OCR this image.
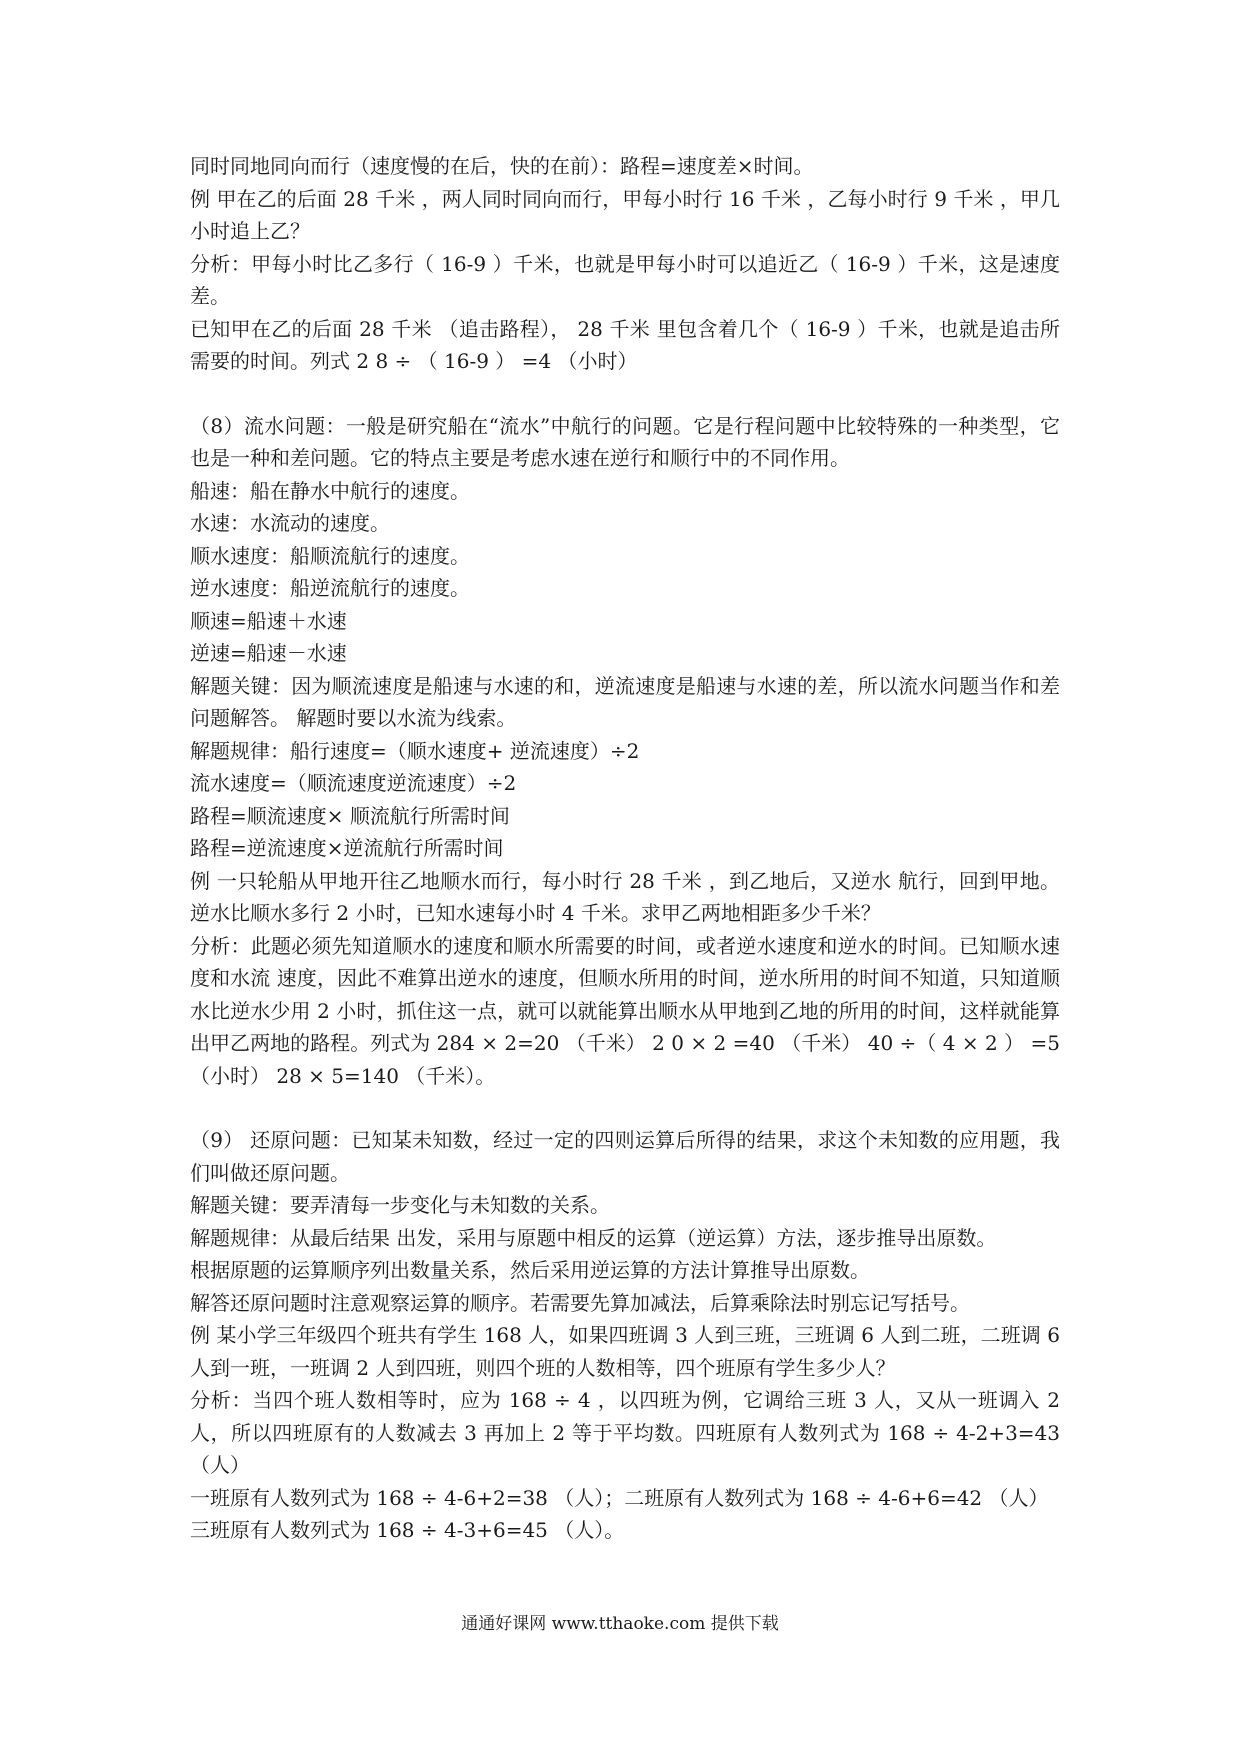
同时同地同向而行（速度慢的在后，快的在前）：路程=速度差×时间。

例 甲在乙的后面 28 千米 ，两人同时同向而行，甲每小时行 16 千米 ，乙每小时行 9 千米 ，甲几小时追上乙？

分析：甲每小时比乙多行（ 16-9 ）千米，也就是甲每小时可以追近乙（ 16-9 ）千米，这是速度差。

已知甲在乙的后面 28 千米 （追击路程）， 28 千米 里包含着几个（ 16-9 ）千米，也就是追击所需要的时间。列式 2 8 ÷ （ 16-9 ） =4 （小时）

（8）流水问题：一般是研究船在“流水”中航行的问题。它是行程问题中比较特殊的一种类型，它也是一种和差问题。它的特点主要是考虑水速在逆行和顺行中的不同作用。

船速：船在静水中航行的速度。

水速：水流动的速度。

顺水速度：船顺流航行的速度。

逆水速度：船逆流航行的速度。

顺速=船速＋水速

逆速=船速－水速

解题关键：因为顺流速度是船速与水速的和，逆流速度是船速与水速的差，所以流水问题当作和差问题解答。 解题时要以水流为线索。

解题规律：船行速度=（顺水速度+ 逆流速度）÷2

流水速度=（顺流速度逆流速度）÷2

路程=顺流速度× 顺流航行所需时间

路程=逆流速度×逆流航行所需时间

例 一只轮船从甲地开往乙地顺水而行，每小时行 28 千米 ，到乙地后，又逆水 航行，回到甲地。逆水比顺水多行 2 小时，已知水速每小时 4 千米。求甲乙两地相距多少千米？

分析：此题必须先知道顺水的速度和顺水所需要的时间，或者逆水速度和逆水的时间。已知顺水速度和水流 速度，因此不难算出逆水的速度，但顺水所用的时间，逆水所用的时间不知道，只知道顺水比逆水少用 2 小时，抓住这一点，就可以就能算出顺水从甲地到乙地的所用的时间，这样就能算出甲乙两地的路程。列式为 284 × 2=20 （千米） 2 0 × 2 =40 （千米） 40 ÷（ 4 × 2 ） =5 （小时） 28 × 5=140 （千米）。

（9） 还原问题：已知某未知数，经过一定的四则运算后所得的结果，求这个未知数的应用题，我们叫做还原问题。

解题关键：要弄清每一步变化与未知数的关系。

解题规律：从最后结果 出发，采用与原题中相反的运算（逆运算）方法，逐步推导出原数。

根据原题的运算顺序列出数量关系，然后采用逆运算的方法计算推导出原数。

解答还原问题时注意观察运算的顺序。若需要先算加减法，后算乘除法时别忘记写括号。

例 某小学三年级四个班共有学生 168 人，如果四班调 3 人到三班，三班调 6 人到二班，二班调 6 人到一班，一班调 2 人到四班，则四个班的人数相等，四个班原有学生多少人？

分析：当四个班人数相等时，应为 168 ÷ 4 ，以四班为例，它调给三班 3 人，又从一班调入 2 人，所以四班原有的人数减去 3 再加上 2 等于平均数。四班原有人数列式为 168 ÷ 4-2+3=43 （人）

一班原有人数列式为 168 ÷ 4-6+2=38 （人）；二班原有人数列式为 168 ÷ 4-6+6=42 （人）

三班原有人数列式为 168 ÷ 4-3+6=45 （人）。

通通好课网 www.tthaoke.com 提供下载
